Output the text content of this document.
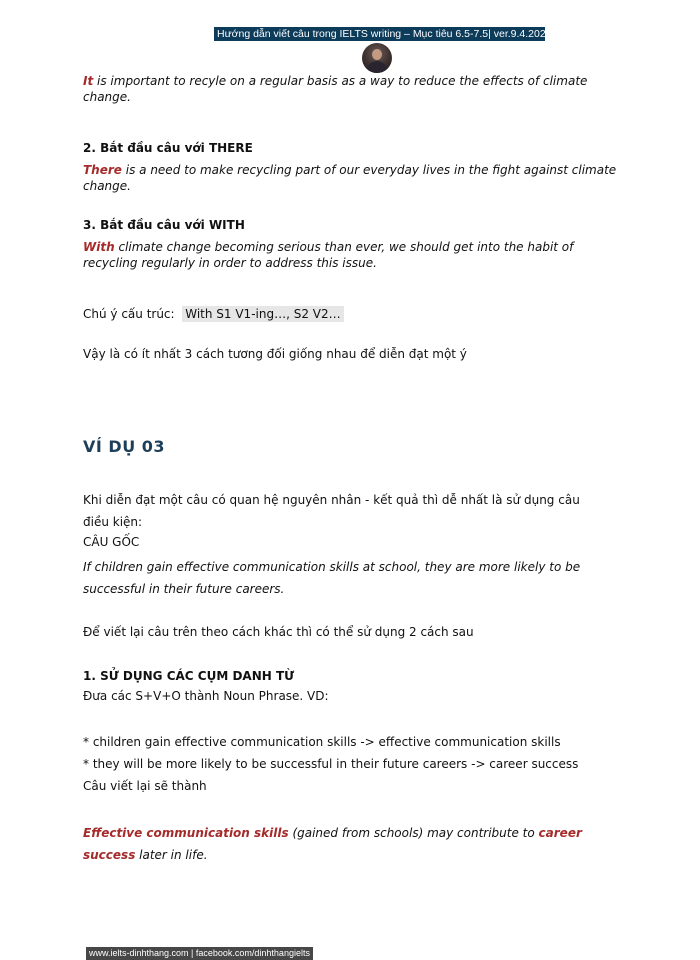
Hướng dẫn viết câu trong IELTS writing – Mục tiêu 6.5-7.5| ver.9.4.2020 |
It is important to recyle on a regular basis as a way to reduce the effects of climate change.
2. Bắt đầu câu với THERE
There is a need to make recycling part of our everyday lives in the fight against climate change.
3. Bắt đầu câu với WITH
With climate change becoming serious than ever, we should get into the habit of recycling regularly in order to address this issue.
Chú ý cấu trúc: With S1 V1-ing…, S2 V2…
Vậy là có ít nhất 3 cách tương đối giống nhau để diễn đạt một ý
VÍ DỤ 03
Khi diễn đạt một câu có quan hệ nguyên nhân - kết quả thì dễ nhất là sử dụng câu điều kiện:
CÂU GỐC
If children gain effective communication skills at school, they are more likely to be successful in their future careers.
Để viết lại câu trên theo cách khác thì có thể sử dụng 2 cách sau
1. SỬ DỤNG CÁC CỤM DANH TỪ
Đưa các S+V+O thành Noun Phrase. VD:
* children gain effective communication skills -> effective communication skills
* they will be more likely to be successful in their future careers -> career success
Câu viết lại sẽ thành
Effective communication skills (gained from schools) may contribute to career success later in life.
www.ielts-dinhthang.com | facebook.com/dinhthangielts
